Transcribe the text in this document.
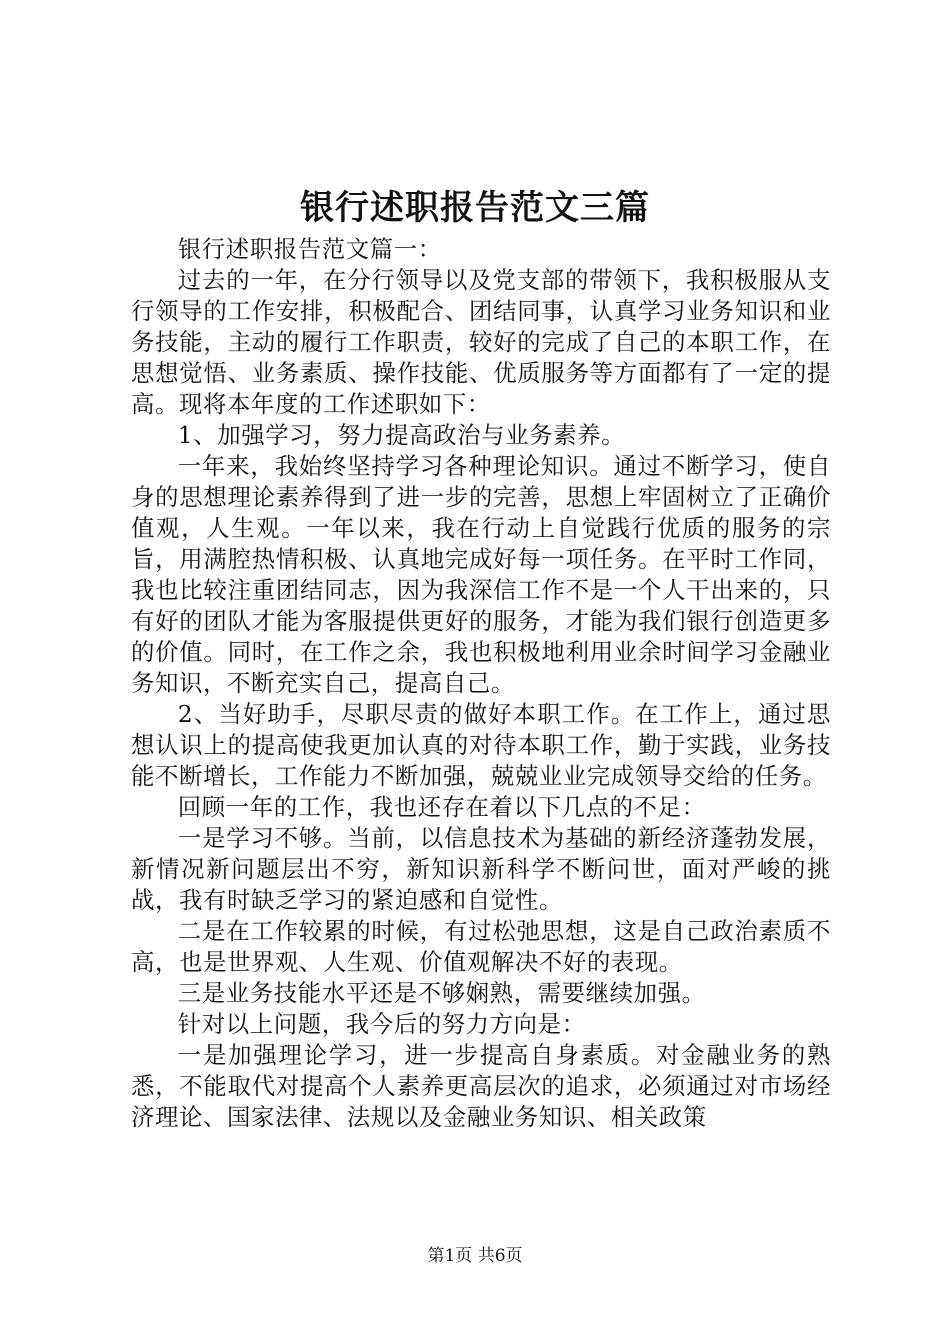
银行述职报告范文三篇

银行述职报告范文篇一：

过去的一年，在分行领导以及党支部的带领下，我积极服从支行领导的工作安排，积极配合、团结同事，认真学习业务知识和业务技能，主动的履行工作职责，较好的完成了自己的本职工作，在思想觉悟、业务素质、操作技能、优质服务等方面都有了一定的提高。现将本年度的工作述职如下：

1、加强学习，努力提高政治与业务素养。

一年来，我始终坚持学习各种理论知识。通过不断学习，使自身的思想理论素养得到了进一步的完善，思想上牢固树立了正确价值观，人生观。一年以来，我在行动上自觉践行优质的服务的宗旨，用满腔热情积极、认真地完成好每一项任务。在平时工作同，我也比较注重团结同志，因为我深信工作不是一个人干出来的，只有好的团队才能为客服提供更好的服务，才能为我们银行创造更多的价值。同时，在工作之余，我也积极地利用业余时间学习金融业务知识，不断充实自己，提高自己。

2、当好助手，尽职尽责的做好本职工作。在工作上，通过思想认识上的提高使我更加认真的对待本职工作，勤于实践，业务技能不断增长，工作能力不断加强，兢兢业业完成领导交给的任务。

回顾一年的工作，我也还存在着以下几点的不足：

一是学习不够。当前，以信息技术为基础的新经济蓬勃发展，新情况新问题层出不穷，新知识新科学不断问世，面对严峻的挑战，我有时缺乏学习的紧迫感和自觉性。

二是在工作较累的时候，有过松弛思想，这是自己政治素质不高，也是世界观、人生观、价值观解决不好的表现。

三是业务技能水平还是不够娴熟，需要继续加强。

针对以上问题，我今后的努力方向是：

一是加强理论学习，进一步提高自身素质。对金融业务的熟悉，不能取代对提高个人素养更高层次的追求，必须通过对市场经济理论、国家法律、法规以及金融业务知识、相关政策

第1页 共6页
